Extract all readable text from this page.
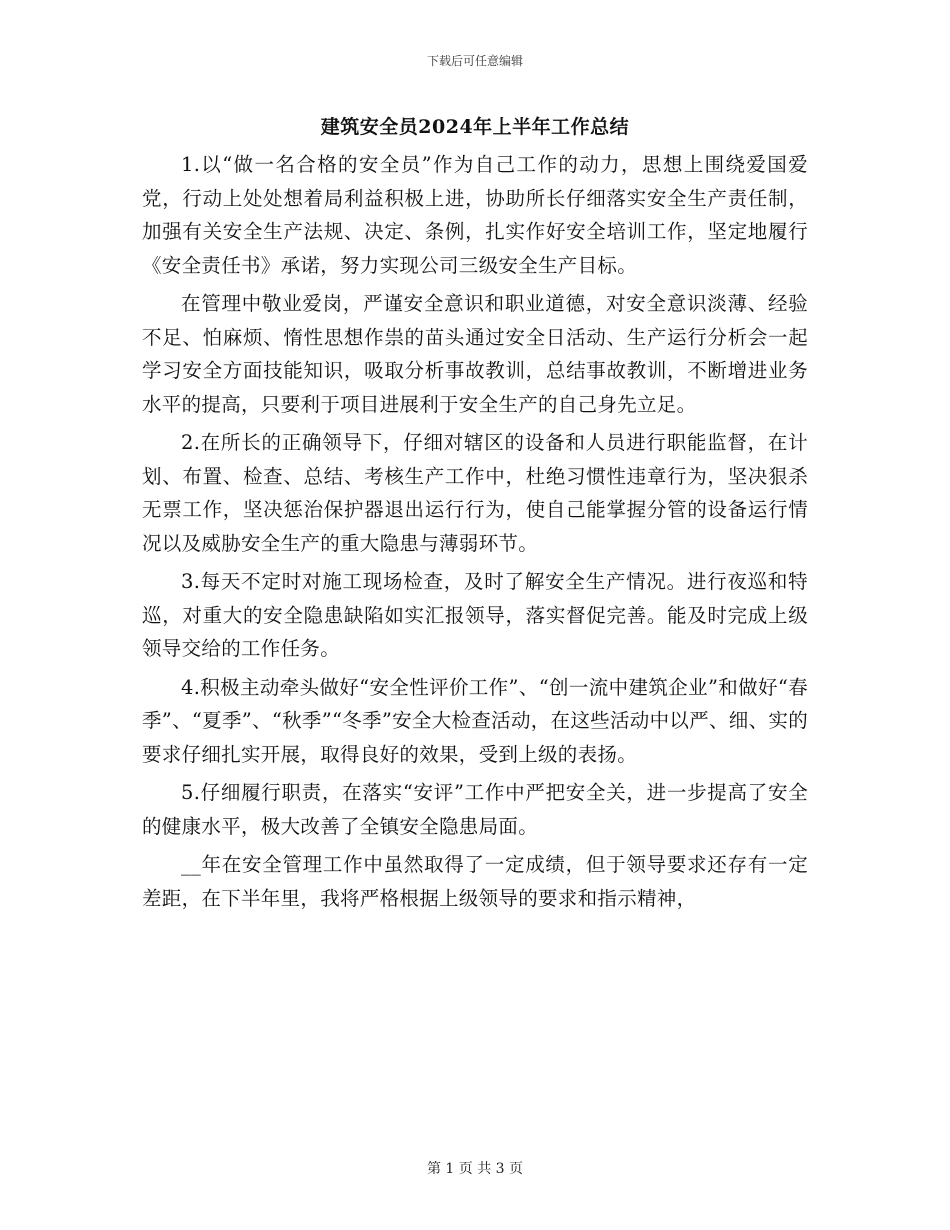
下载后可任意编辑
建筑安全员2024年上半年工作总结

1.以“做一名合格的安全员”作为自己工作的动力，思想上围绕爱国爱党，行动上处处想着局利益积极上进，协助所长仔细落实安全生产责任制，加强有关安全生产法规、决定、条例，扎实作好安全培训工作，坚定地履行《安全责任书》承诺，努力实现公司三级安全生产目标。

在管理中敬业爱岗，严谨安全意识和职业道德，对安全意识淡薄、经验不足、怕麻烦、惰性思想作祟的苗头通过安全日活动、生产运行分析会一起学习安全方面技能知识，吸取分析事故教训，总结事故教训，不断增进业务水平的提高，只要利于项目进展利于安全生产的自己身先立足。

2.在所长的正确领导下，仔细对辖区的设备和人员进行职能监督，在计划、布置、检查、总结、考核生产工作中，杜绝习惯性违章行为，坚决狠杀无票工作，坚决惩治保护器退出运行行为，使自己能掌握分管的设备运行情况以及威胁安全生产的重大隐患与薄弱环节。

3.每天不定时对施工现场检查，及时了解安全生产情况。进行夜巡和特巡，对重大的安全隐患缺陷如实汇报领导，落实督促完善。能及时完成上级领导交给的工作任务。

4.积极主动牵头做好“安全性评价工作”、“创一流中建筑企业”和做好“春季”、“夏季”、“秋季”“冬季”安全大检查活动，在这些活动中以严、细、实的要求仔细扎实开展，取得良好的效果，受到上级的表扬。

5.仔细履行职责，在落实“安评”工作中严把安全关，进一步提高了安全的健康水平，极大改善了全镇安全隐患局面。

__年在安全管理工作中虽然取得了一定成绩，但于领导要求还存有一定差距，在下半年里，我将严格根据上级领导的要求和指示精神，

第 1 页 共 3 页
